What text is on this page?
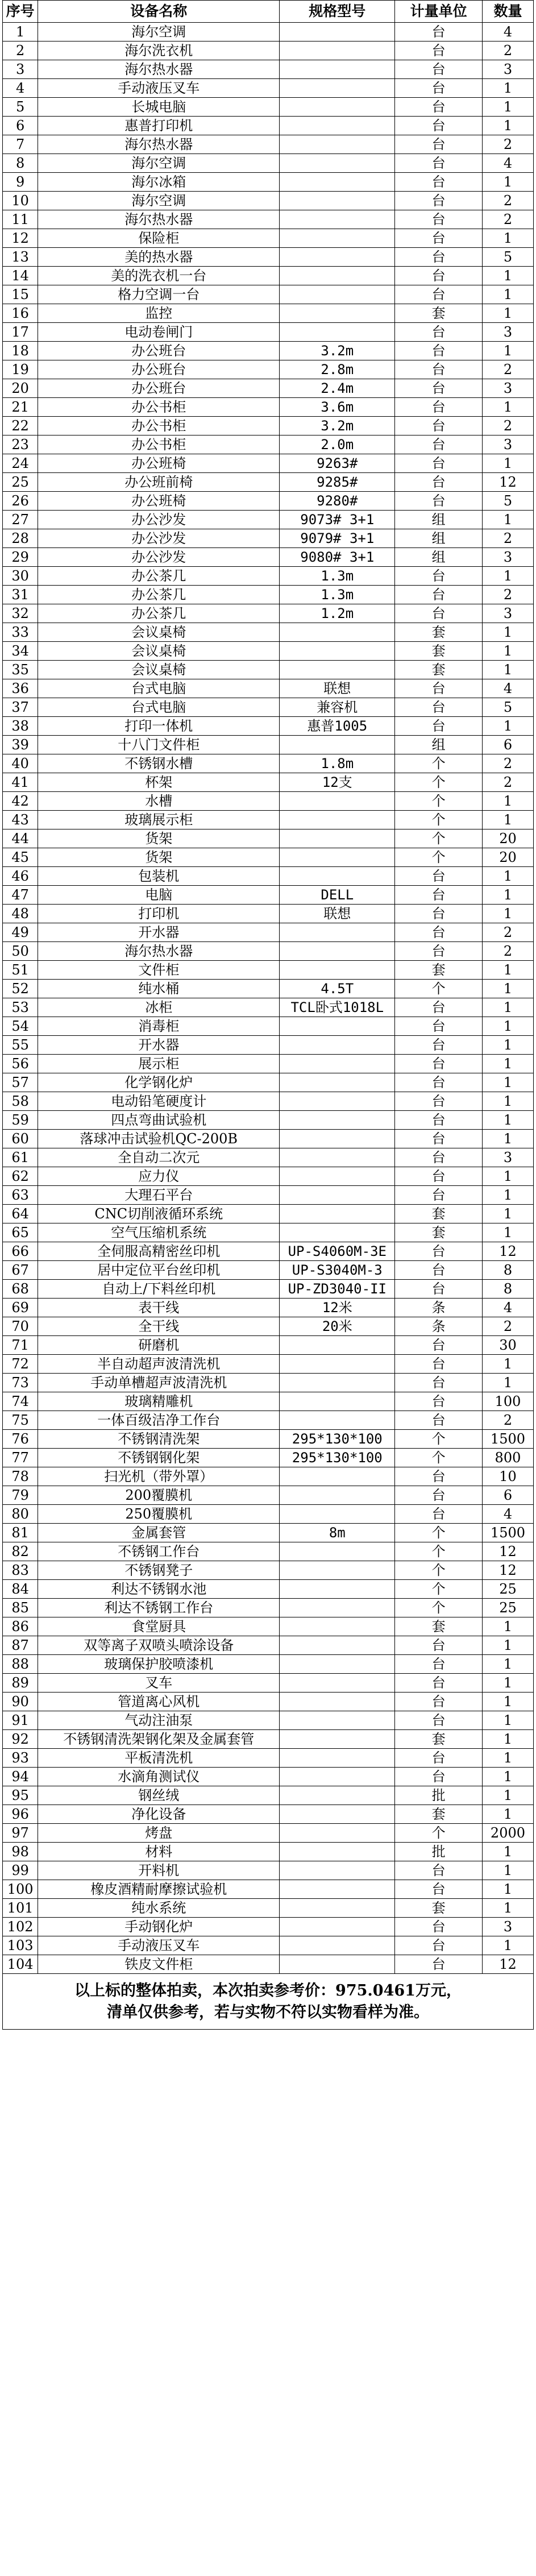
序号	设备名称	规格型号	计量单位	数量
1	海尔空调		台	4
2	海尔洗衣机		台	2
3	海尔热水器		台	3
4	手动液压叉车		台	1
5	长城电脑		台	1
6	惠普打印机		台	1
7	海尔热水器		台	2
8	海尔空调		台	4
9	海尔冰箱		台	1
10	海尔空调		台	2
11	海尔热水器		台	2
12	保险柜		台	1
13	美的热水器		台	5
14	美的洗衣机一台		台	1
15	格力空调一台		台	1
16	监控		套	1
17	电动卷闸门		台	3
18	办公班台	3.2m	台	1
19	办公班台	2.8m	台	2
20	办公班台	2.4m	台	3
21	办公书柜	3.6m	台	1
22	办公书柜	3.2m	台	2
23	办公书柜	2.0m	台	3
24	办公班椅	9263#	台	1
25	办公班前椅	9285#	台	12
26	办公班椅	9280#	台	5
27	办公沙发	9073# 3+1	组	1
28	办公沙发	9079# 3+1	组	2
29	办公沙发	9080# 3+1	组	3
30	办公茶几	1.3m	台	1
31	办公茶几	1.3m	台	2
32	办公茶几	1.2m	台	3
33	会议桌椅		套	1
34	会议桌椅		套	1
35	会议桌椅		套	1
36	台式电脑	联想	台	4
37	台式电脑	兼容机	台	5
38	打印一体机	惠普1005	台	1
39	十八门文件柜		组	6
40	不锈钢水槽	1.8m	个	2
41	杯架	12支	个	2
42	水槽		个	1
43	玻璃展示柜		个	1
44	货架		个	20
45	货架		个	20
46	包装机		台	1
47	电脑	DELL	台	1
48	打印机	联想	台	1
49	开水器		台	2
50	海尔热水器		台	2
51	文件柜		套	1
52	纯水桶	4.5T	个	1
53	冰柜	TCL卧式1018L	台	1
54	消毒柜		台	1
55	开水器		台	1
56	展示柜		台	1
57	化学钢化炉		台	1
58	电动铅笔硬度计		台	1
59	四点弯曲试验机		台	1
60	落球冲击试验机QC-200B		台	1
61	全自动二次元		台	3
62	应力仪		台	1
63	大理石平台		台	1
64	CNC切削液循环系统		套	1
65	空气压缩机系统		套	1
66	全伺服高精密丝印机	UP-S4060M-3E	台	12
67	居中定位平台丝印机	UP-S3040M-3	台	8
68	自动上/下料丝印机	UP-ZD3040-II	台	8
69	表干线	12米	条	4
70	全干线	20米	条	2
71	研磨机		台	30
72	半自动超声波清洗机		台	1
73	手动单槽超声波清洗机		台	1
74	玻璃精雕机		台	100
75	一体百级洁净工作台		台	2
76	不锈钢清洗架	295*130*100	个	1500
77	不锈钢钢化架	295*130*100	个	800
78	扫光机（带外罩）		台	10
79	200覆膜机		台	6
80	250覆膜机		台	4
81	金属套管	8m	个	1500
82	不锈钢工作台		个	12
83	不锈钢凳子		个	12
84	利达不锈钢水池		个	25
85	利达不锈钢工作台		个	25
86	食堂厨具		套	1
87	双等离子双喷头喷涂设备		台	1
88	玻璃保护胶喷漆机		台	1
89	叉车		台	1
90	管道离心风机		台	1
91	气动注油泵		台	1
92	不锈钢清洗架钢化架及金属套管		套	1
93	平板清洗机		台	1
94	水滴角测试仪		台	1
95	钢丝绒		批	1
96	净化设备		套	1
97	烤盘		个	2000
98	材料		批	1
99	开料机		台	1
100	橡皮酒精耐摩擦试验机		台	1
101	纯水系统		套	1
102	手动钢化炉		台	3
103	手动液压叉车		台	1
104	铁皮文件柜		台	12
以上标的整体拍卖，本次拍卖参考价：975.0461万元，
清单仅供参考，若与实物不符以实物看样为准。
